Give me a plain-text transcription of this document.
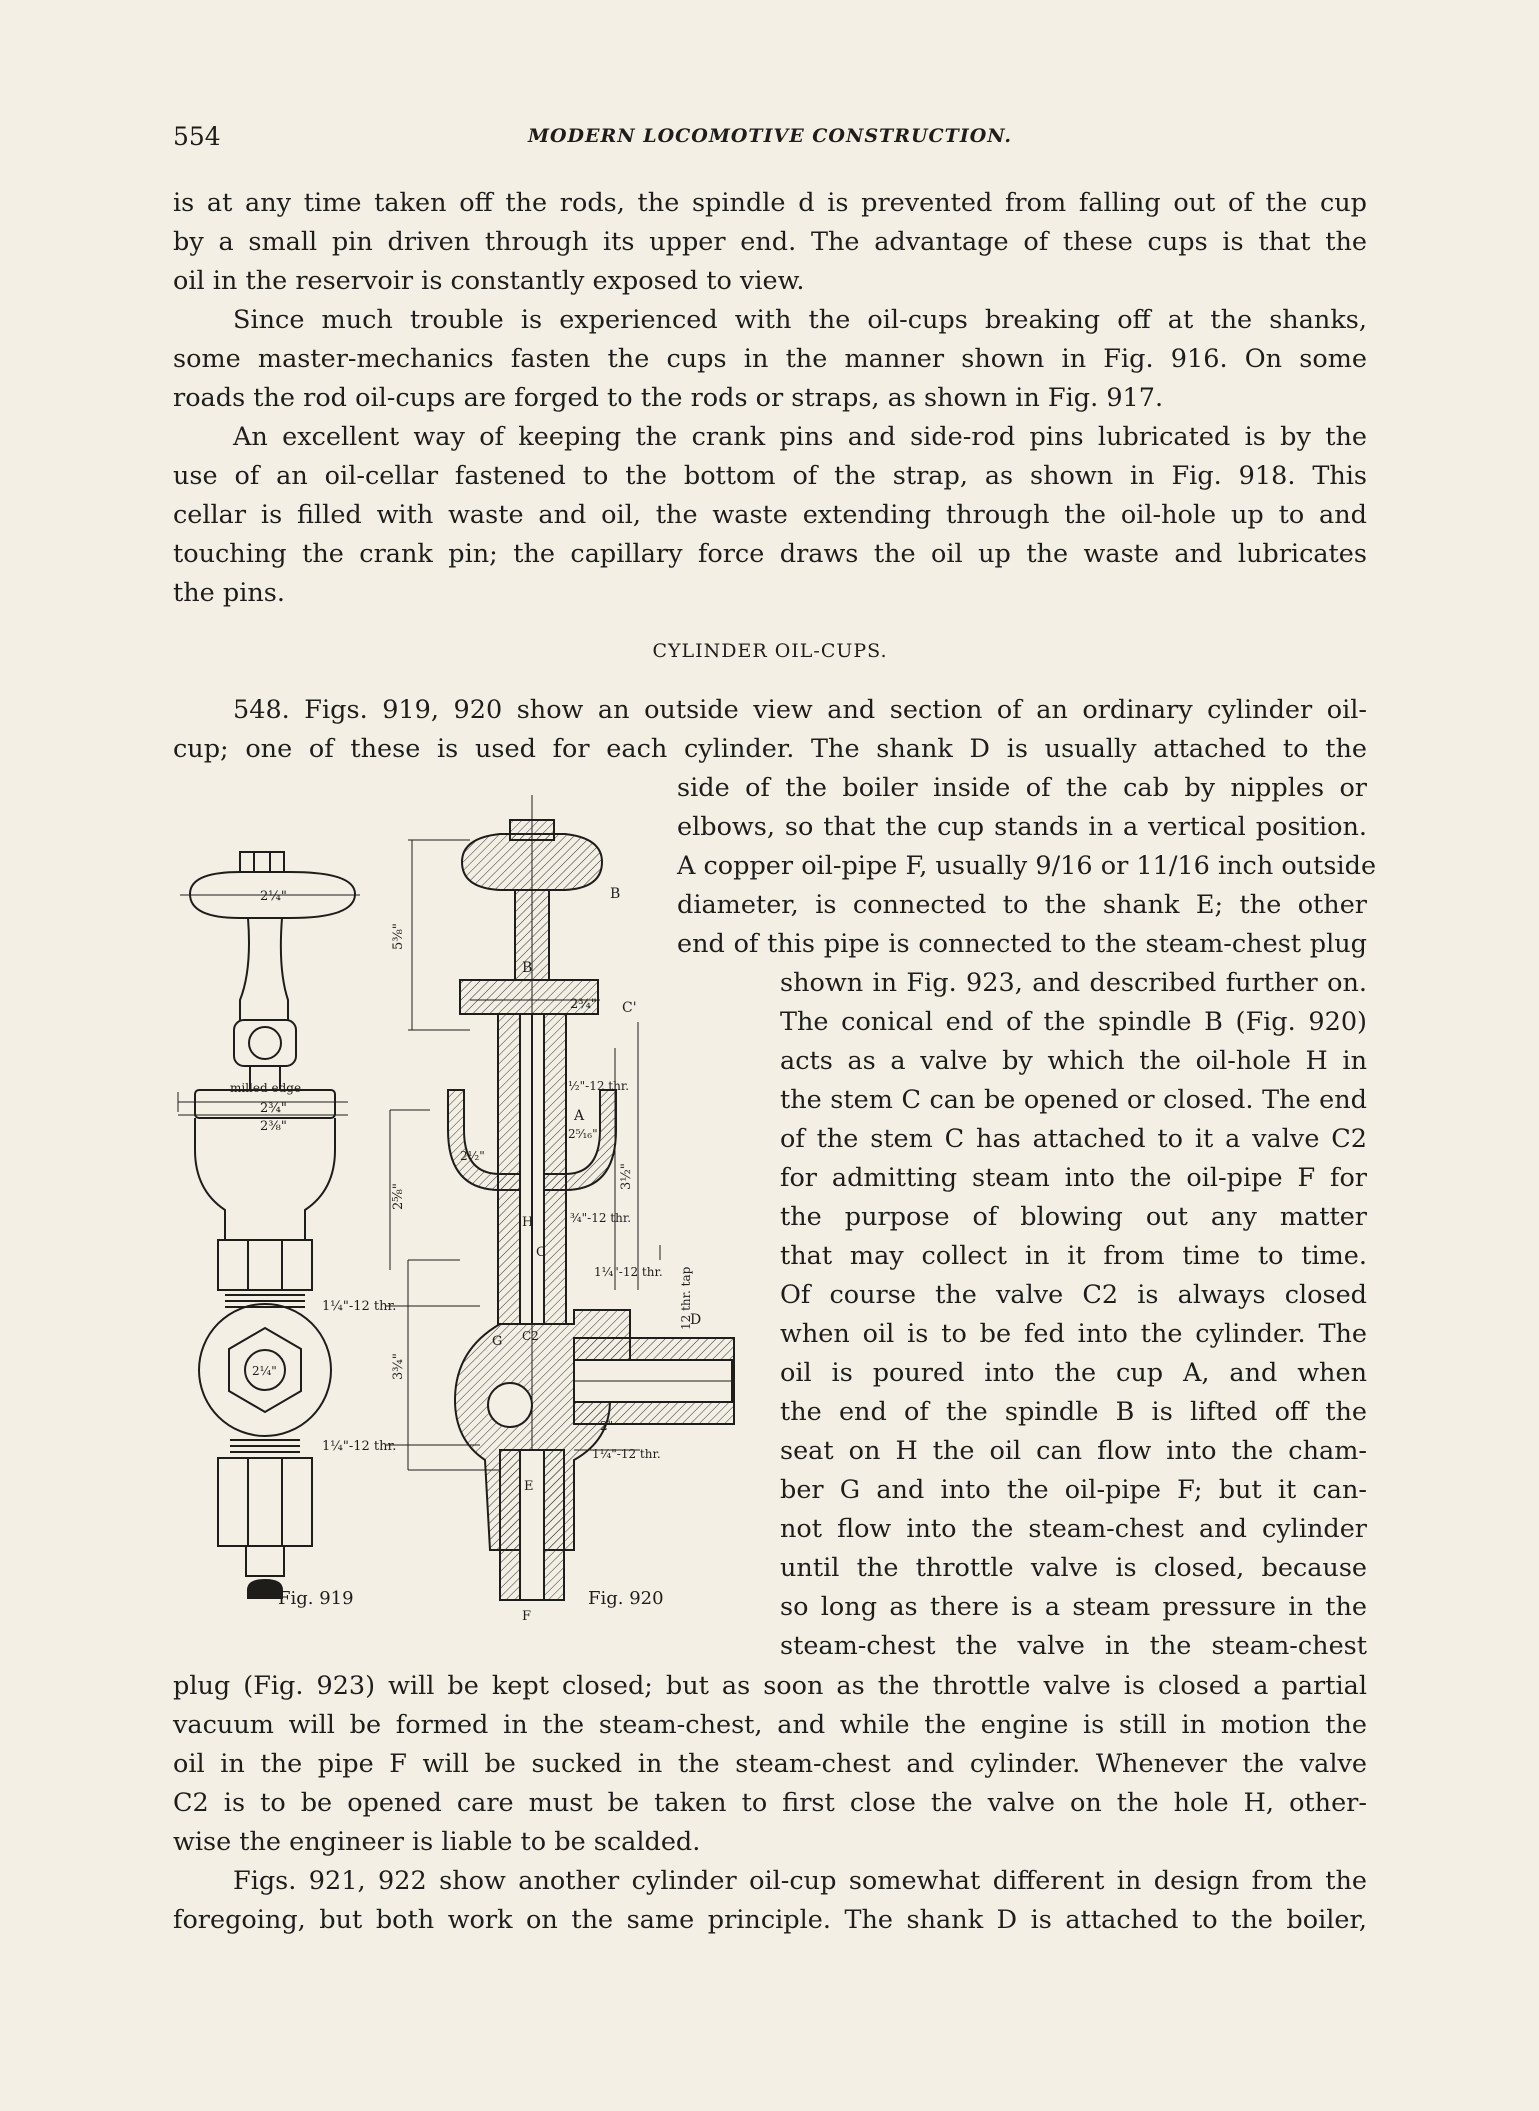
554	MODERN LOCOMOTIVE CONSTRUCTION.
is at any time taken off the rods, the spindle d is prevented from falling out of the cup
by a small pin driven through its upper end. The advantage of these cups is that the
oil in the reservoir is constantly exposed to view.
Since much trouble is experienced with the oil-cups breaking off at the shanks,
some master-mechanics fasten the cups in the manner shown in Fig. 916. On some
roads the rod oil-cups are forged to the rods or straps, as shown in Fig. 917.
An excellent way of keeping the crank pins and side-rod pins lubricated is by the
use of an oil-cellar fastened to the bottom of the strap, as shown in Fig. 918. This
cellar is filled with waste and oil, the waste extending through the oil-hole up to and
touching the crank pin; the capillary force draws the oil up the waste and lubricates
the pins.
CYLINDER OIL-CUPS.
548. Figs. 919, 920 show an outside view and section of an ordinary cylinder oil-
cup; one of these is used for each cylinder. The shank D is usually attached to the
side of the boiler inside of the cab by nipples or
elbows, so that the cup stands in a vertical position.
A copper oil-pipe F, usually 9/16 or 11/16 inch outside
diameter, is connected to the shank E; the other
end of this pipe is connected to the steam-chest plug
shown in Fig. 923, and described further on.
The conical end of the spindle B (Fig. 920)
acts as a valve by which the oil-hole H in
the stem C can be opened or closed. The end
of the stem C has attached to it a valve C2
for admitting steam into the oil-pipe F for
the purpose of blowing out any matter
that may collect in it from time to time.
Of course the valve C2 is always closed
when oil is to be fed into the cylinder. The
oil is poured into the cup A, and when
the end of the spindle B is lifted off the
seat on H the oil can flow into the cham-
ber G and into the oil-pipe F; but it can-
not flow into the steam-chest and cylinder
until the throttle valve is closed, because
so long as there is a steam pressure in the
steam-chest the valve in the steam-chest
plug (Fig. 923) will be kept closed; but as soon as the throttle valve is closed a partial
vacuum will be formed in the steam-chest, and while the engine is still in motion the
oil in the pipe F will be sucked in the steam-chest and cylinder. Whenever the valve
C2 is to be opened care must be taken to first close the valve on the hole H, other-
wise the engineer is liable to be scalded.
Figs. 921, 922 show another cylinder oil-cup somewhat different in design from the
foregoing, but both work on the same principle. The shank D is attached to the boiler,
milled edge
2¼"
2¾"
2⅜"
1¼"-12 thr.
1¼"-12 thr.
2¼"
2⅝"
Fig. 919
B
B
C'
2¾"
½"-12 thr.
A
2⁵⁄₁₆"
2½"
¾"-12 thr.
H
C
1¼"-12 thr. 12 thr. tap
D
G C2
2"
1¼"-12 thr.
E
F
5⅜"
3¾"
3½"
Fig. 920
